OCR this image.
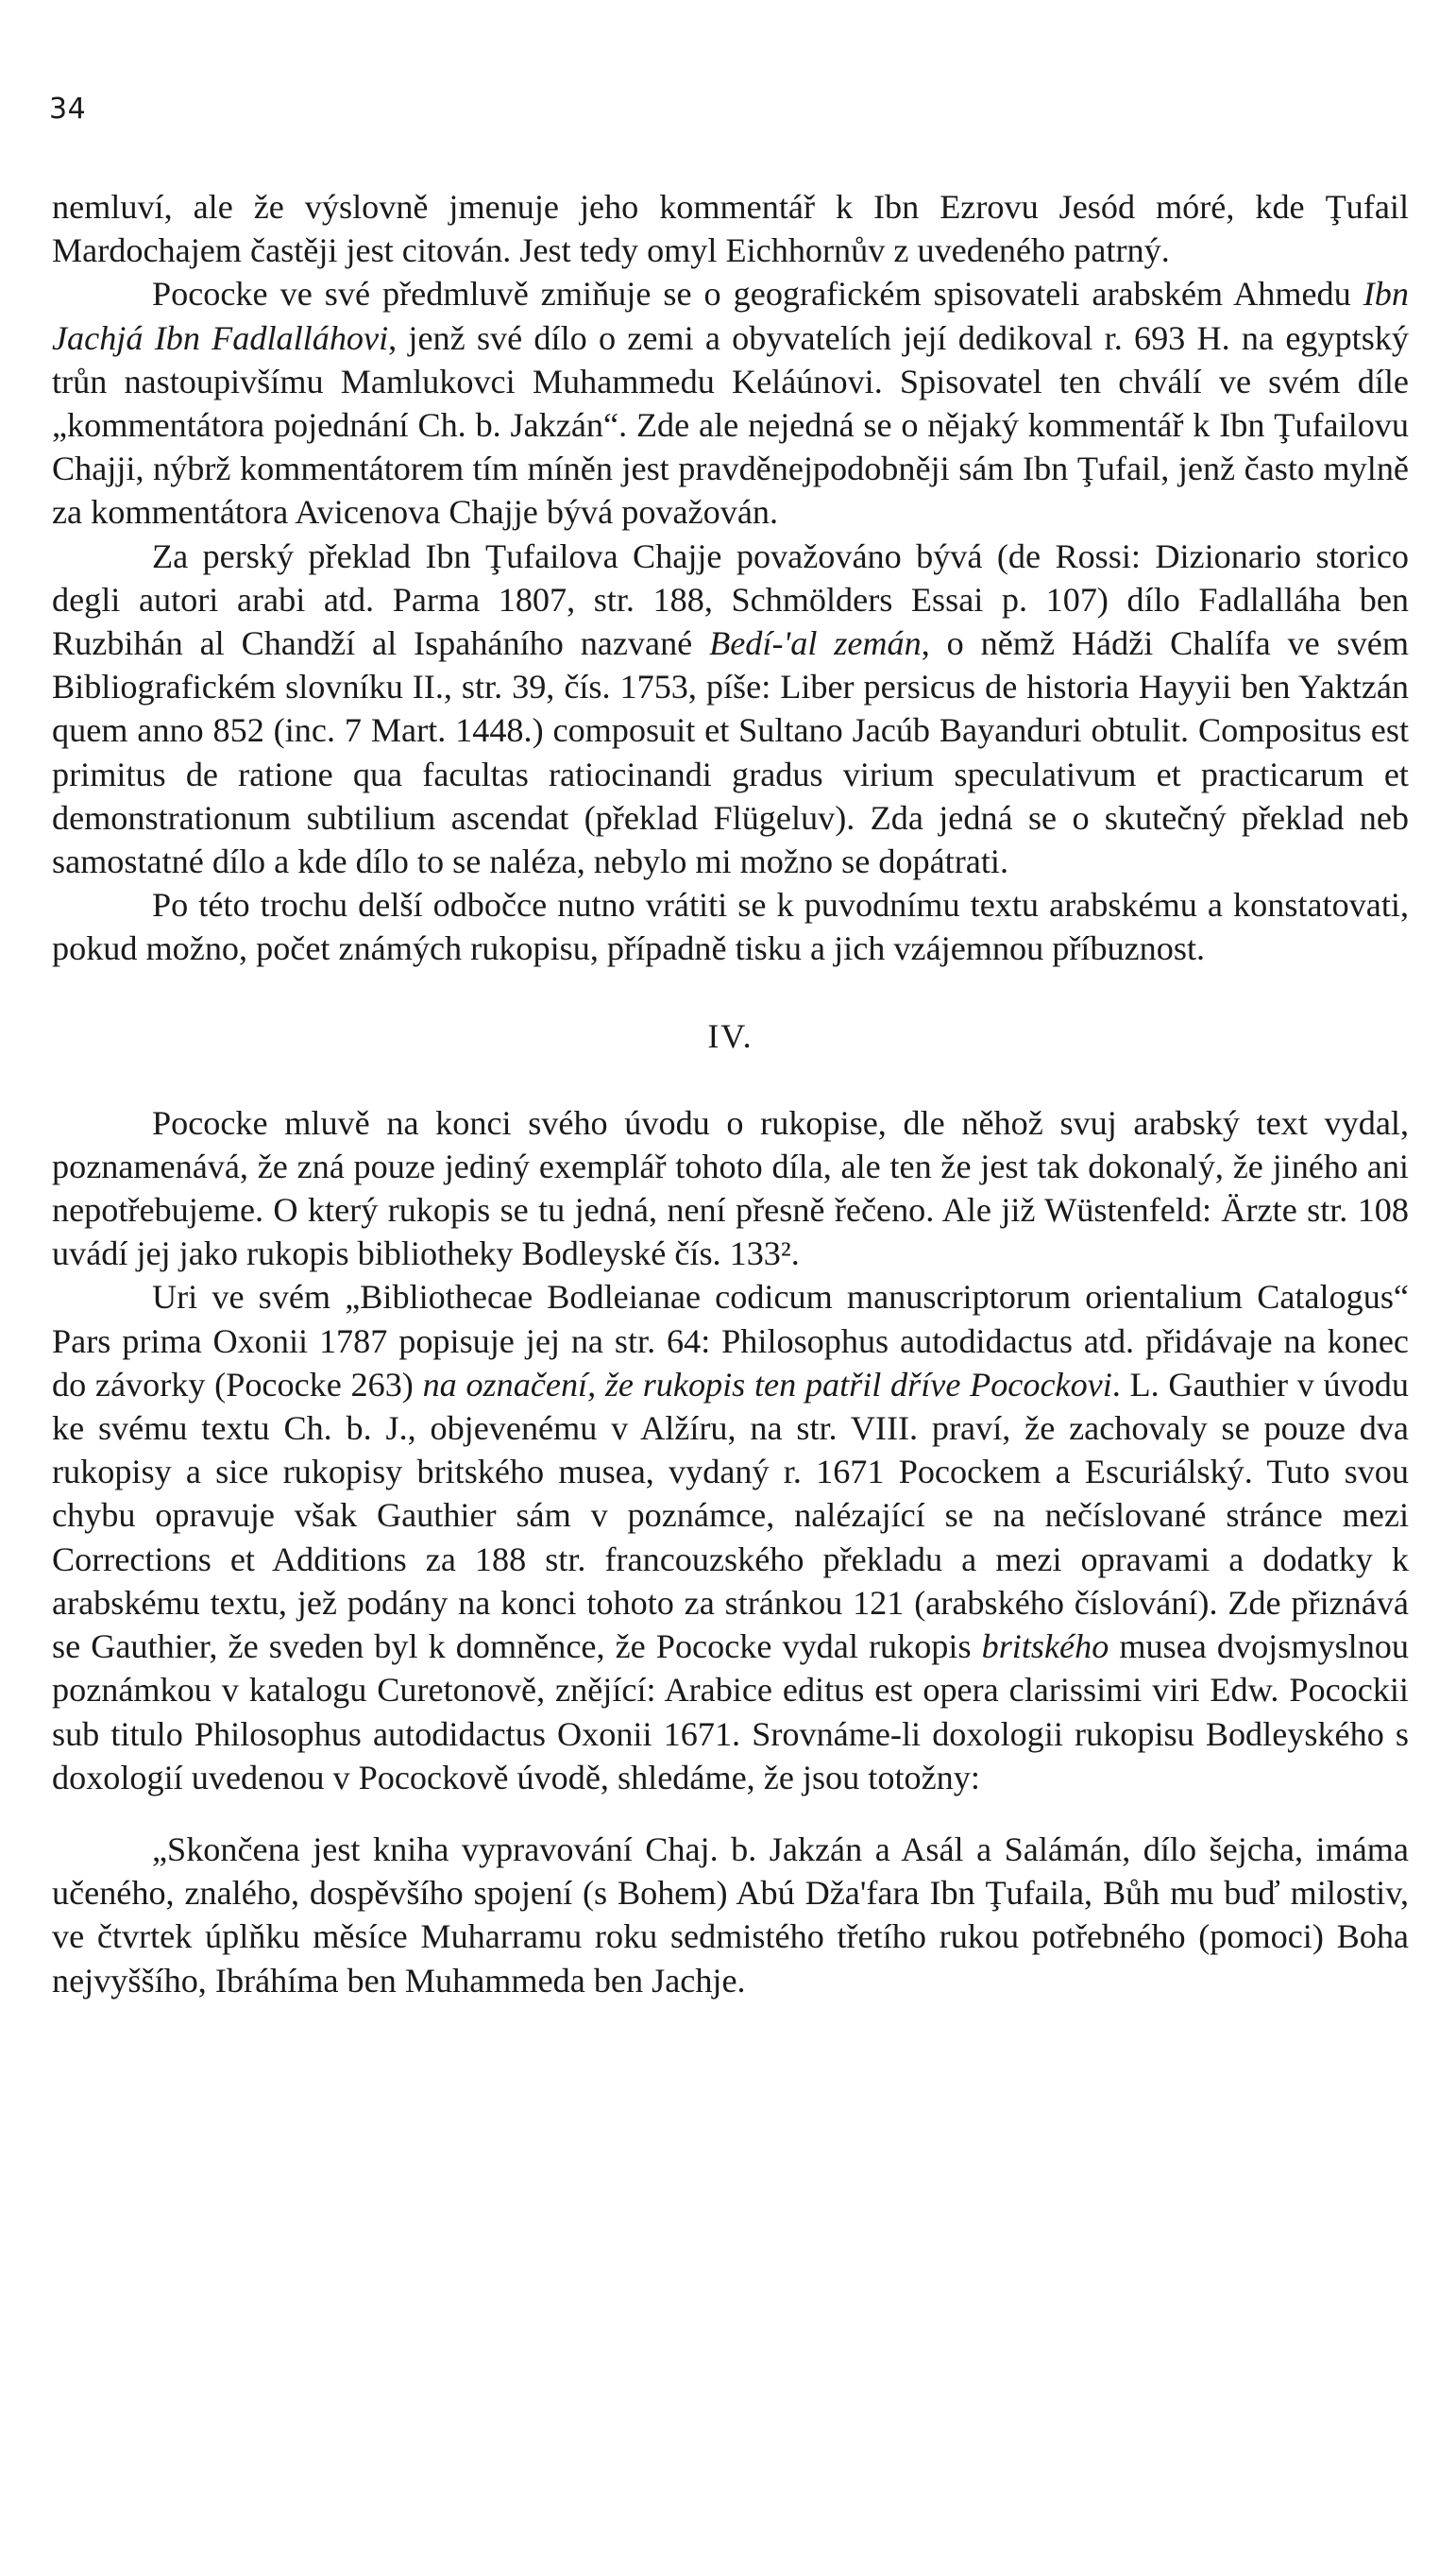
34

nemluví, ale že výslovně jmenuje jeho kommentář k Ibn Ezrovu Jesód móré, kde Ţufail Mardochajem častěji jest citován. Jest tedy omyl Eichhornův z uvedeného patrný.

Pococke ve své předmluvě zmiňuje se o geografickém spisovateli arabském Ahmedu Ibn Jachjá Ibn Fadlalláhovi, jenž své dílo o zemi a obyvatelích její dedikoval r. 693 H. na egyptský trůn nastoupivšímu Mamlukovci Muhammedu Keláúnovi. Spisovatel ten chválí ve svém díle „kommentátora pojednání Ch. b. Jakzán“. Zde ale nejedná se o nějaký kommentář k Ibn Ţufailovu Chajji, nýbrž kommentátorem tím míněn jest pravděnejpodobněji sám Ibn Ţufail, jenž často mylně za kommentátora Avicenova Chajje bývá považován.

Za perský překlad Ibn Ţufailova Chajje považováno bývá (de Rossi: Dizionario storico degli autori arabi atd. Parma 1807, str. 188, Schmölders Essai p. 107) dílo Fadlalláha ben Ruzbihán al Chandží al Ispaháního nazvané Bedí-'al zemán, o němž Hádži Chalífa ve svém Bibliografickém slovníku II., str. 39, čís. 1753, píše: Liber persicus de historia Hayyii ben Yaktzán quem anno 852 (inc. 7 Mart. 1448.) composuit et Sultano Jacúb Bayanduri obtulit. Compositus est primitus de ratione qua facultas ratiocinandi gradus virium speculativum et practicarum et demonstrationum subtilium ascendat (překlad Flügeluv). Zda jedná se o skutečný překlad neb samostatné dílo a kde dílo to se naléza, nebylo mi možno se dopátrati.

Po této trochu delší odbočce nutno vrátiti se k puvodnímu textu arabskému a konstatovati, pokud možno, počet známých rukopisu, případně tisku a jich vzájemnou příbuznost.

IV.

Pococke mluvě na konci svého úvodu o rukopise, dle něhož svuj arabský text vydal, poznamenává, že zná pouze jediný exemplář tohoto díla, ale ten že jest tak dokonalý, že jiného ani nepotřebujeme. O který rukopis se tu jedná, není přesně řečeno. Ale již Wüstenfeld: Ärzte str. 108 uvádí jej jako rukopis bibliotheky Bodleyské čís. 133².

Uri ve svém „Bibliothecae Bodleianae codicum manuscriptorum orientalium Catalogus“ Pars prima Oxonii 1787 popisuje jej na str. 64: Philosophus autodidactus atd. přidávaje na konec do závorky (Pococke 263) na označení, že rukopis ten patřil dříve Pocockovi. L. Gauthier v úvodu ke svému textu Ch. b. J., objevenému v Alžíru, na str. VIII. praví, že zachovaly se pouze dva rukopisy a sice rukopisy britského musea, vydaný r. 1671 Pocockem a Escuriálský. Tuto svou chybu opravuje však Gauthier sám v poznámce, nalézající se na nečíslované stránce mezi Corrections et Additions za 188 str. francouzského překladu a mezi opravami a dodatky k arabskému textu, jež podány na konci tohoto za stránkou 121 (arabského číslování). Zde přiznává se Gauthier, že sveden byl k domněnce, že Pococke vydal rukopis britského musea dvojsmyslnou poznámkou v katalogu Curetonově, znějící: Arabice editus est opera clarissimi viri Edw. Pocockii sub titulo Philosophus autodidactus Oxonii 1671. Srovnáme-li doxologii rukopisu Bodleyského s doxologií uvedenou v Pocockově úvodě, shledáme, že jsou totožny:

„Skončena jest kniha vypravování Chaj. b. Jakzán a Asál a Salámán, dílo šejcha, imáma učeného, znalého, dospěvšího spojení (s Bohem) Abú Dža'fara Ibn Ţufaila, Bůh mu buď milostiv, ve čtvrtek úplňku měsíce Muharramu roku sedmistého třetího rukou potřebného (pomoci) Boha nejvyššího, Ibráhíma ben Muhammeda ben Jachje.
